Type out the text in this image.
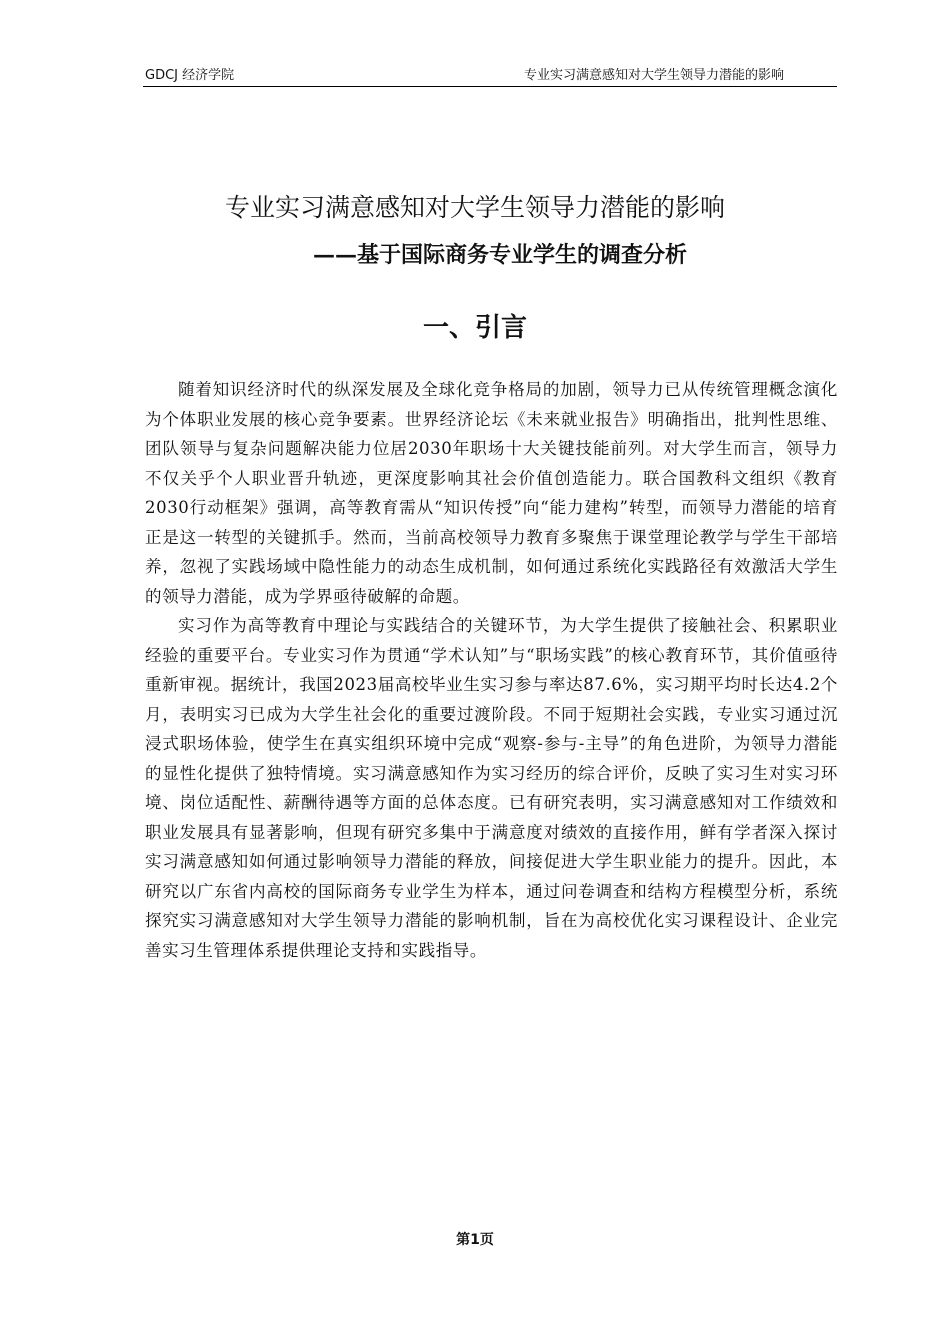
GDCJ 经济学院	专业实习满意感知对大学生领导力潜能的影响
专业实习满意感知对大学生领导力潜能的影响
——基于国际商务专业学生的调查分析
一、引言

随着知识经济时代的纵深发展及全球化竞争格局的加剧，领导力已从传统管理概念演化为个体职业发展的核心竞争要素。世界经济论坛《未来就业报告》明确指出，批判性思维、团队领导与复杂问题解决能力位居2030年职场十大关键技能前列。对大学生而言，领导力不仅关乎个人职业晋升轨迹，更深度影响其社会价值创造能力。联合国教科文组织《教育2030行动框架》强调，高等教育需从“知识传授”向“能力建构”转型，而领导力潜能的培育正是这一转型的关键抓手。然而，当前高校领导力教育多聚焦于课堂理论教学与学生干部培养，忽视了实践场域中隐性能力的动态生成机制，如何通过系统化实践路径有效激活大学生的领导力潜能，成为学界亟待破解的命题。

实习作为高等教育中理论与实践结合的关键环节，为大学生提供了接触社会、积累职业经验的重要平台。专业实习作为贯通“学术认知”与“职场实践”的核心教育环节，其价值亟待重新审视。据统计，我国2023届高校毕业生实习参与率达87.6%，实习期平均时长达4.2个月，表明实习已成为大学生社会化的重要过渡阶段。不同于短期社会实践，专业实习通过沉浸式职场体验，使学生在真实组织环境中完成“观察-参与-主导”的角色进阶，为领导力潜能的显性化提供了独特情境。实习满意感知作为实习经历的综合评价，反映了实习生对实习环境、岗位适配性、薪酬待遇等方面的总体态度。已有研究表明，实习满意感知对工作绩效和职业发展具有显著影响，但现有研究多集中于满意度对绩效的直接作用，鲜有学者深入探讨实习满意感知如何通过影响领导力潜能的释放，间接促进大学生职业能力的提升。因此，本研究以广东省内高校的国际商务专业学生为样本，通过问卷调查和结构方程模型分析，系统探究实习满意感知对大学生领导力潜能的影响机制，旨在为高校优化实习课程设计、企业完善实习生管理体系提供理论支持和实践指导。

第1页
